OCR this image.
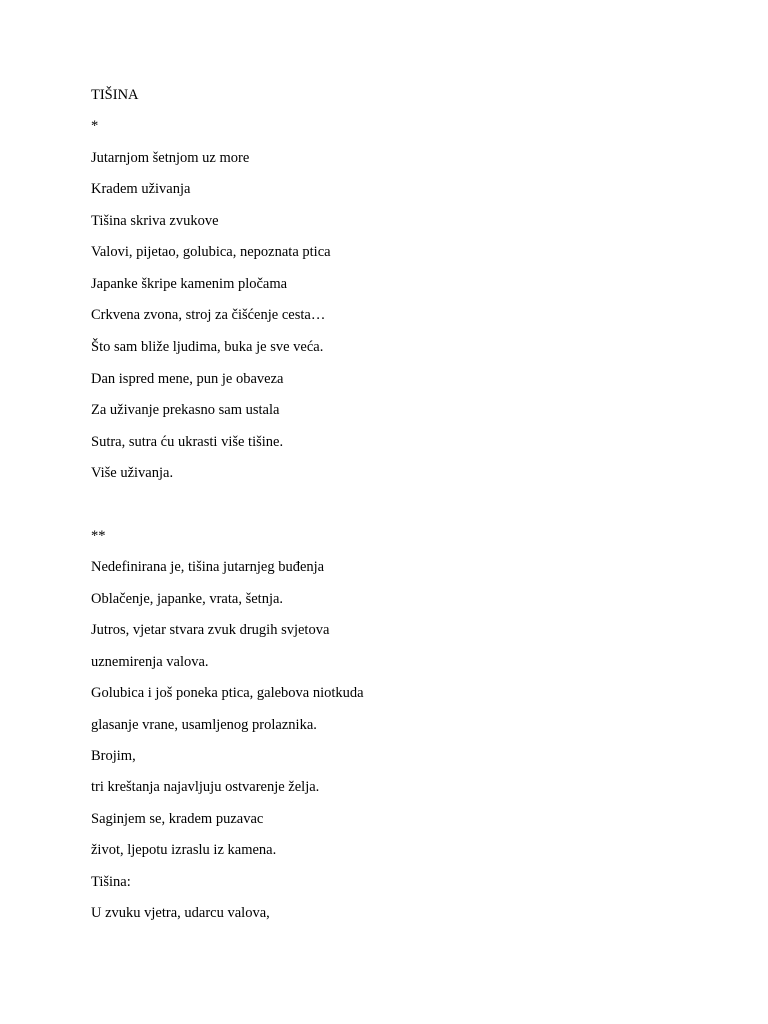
TIŠINA
*
Jutarnjom šetnjom uz more
Kradem uživanja
Tišina skriva zvukove
Valovi, pijetao, golubica, nepoznata ptica
Japanke škripe kamenim pločama
Crkvena zvona, stroj za čišćenje cesta…
Što sam bliže ljudima, buka je sve veća.
Dan ispred mene, pun je obaveza
Za uživanje prekasno sam ustala
Sutra, sutra ću ukrasti više tišine.
Više uživanja.
**
Nedefinirana je, tišina jutarnjeg buđenja
Oblačenje, japanke, vrata, šetnja.
Jutros, vjetar stvara zvuk drugih svjetova
uznemirenja valova.
Golubica i još poneka ptica, galebova niotkuda
glasanje vrane, usamljenog prolaznika.
Brojim,
tri kreštanja najavljuju ostvarenje želja.
Saginjem se, kradem puzavac
život, ljepotu izraslu iz kamena.
Tišina:
U zvuku vjetra, udarcu valova,
